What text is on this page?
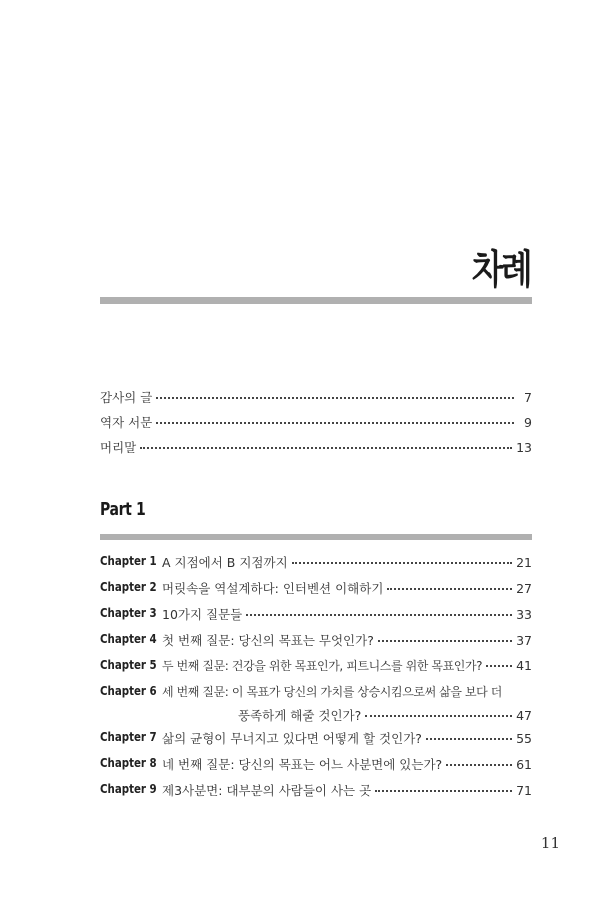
차례
감사의 글	7
역자 서문	9
머리말	13
Part 1
Chapter 1 A 지점에서 B 지점까지	21
Chapter 2 머릿속을 역설계하다: 인터벤션 이해하기	27
Chapter 3 10가지 질문들	33
Chapter 4 첫 번째 질문: 당신의 목표는 무엇인가?	37
Chapter 5 두 번째 질문: 건강을 위한 목표인가, 피트니스를 위한 목표인가?	41
Chapter 6 세 번째 질문: 이 목표가 당신의 가치를 상승시킴으로써 삶을 보다 더
풍족하게 해줄 것인가?	47
Chapter 7 삶의 균형이 무너지고 있다면 어떻게 할 것인가?	55
Chapter 8 네 번째 질문: 당신의 목표는 어느 사분면에 있는가?	61
Chapter 9 제3사분면: 대부분의 사람들이 사는 곳	71
11
